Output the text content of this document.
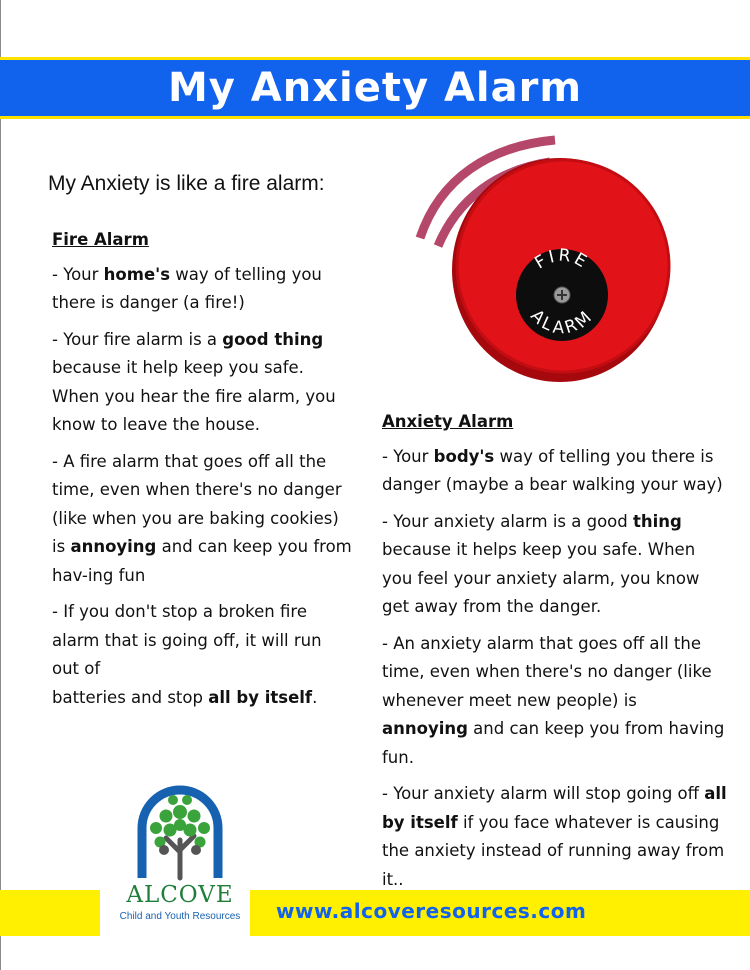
My Anxiety Alarm
My Anxiety is like a fire alarm:
Fire Alarm
- Your home's way of telling you there is danger (a fire!)
- Your fire alarm is a good thing because it help keep you safe. When you hear the fire alarm, you know to leave the house.
- A fire alarm that goes off all the time, even when there's no danger (like when you are baking cookies) is annoying and can keep you from hav-ing fun
- If you don't stop a broken fire alarm that is going off, it will run out of
batteries and stop all by itself.
FIRE
ALARM
Anxiety Alarm
- Your body's way of telling you there is danger (maybe a bear walking your way)
- Your anxiety alarm is a good thing because it helps keep you safe. When you feel your anxiety alarm, you know get away from the danger.
- An anxiety alarm that goes off all the time, even when there's no danger (like whenever meet new people) is annoying and can keep you from having fun.
- Your anxiety alarm will stop going off all by itself if you face whatever is causing the anxiety instead of running away from it..
www.alcoveresources.com
ALCOVE
Child and Youth Resources
